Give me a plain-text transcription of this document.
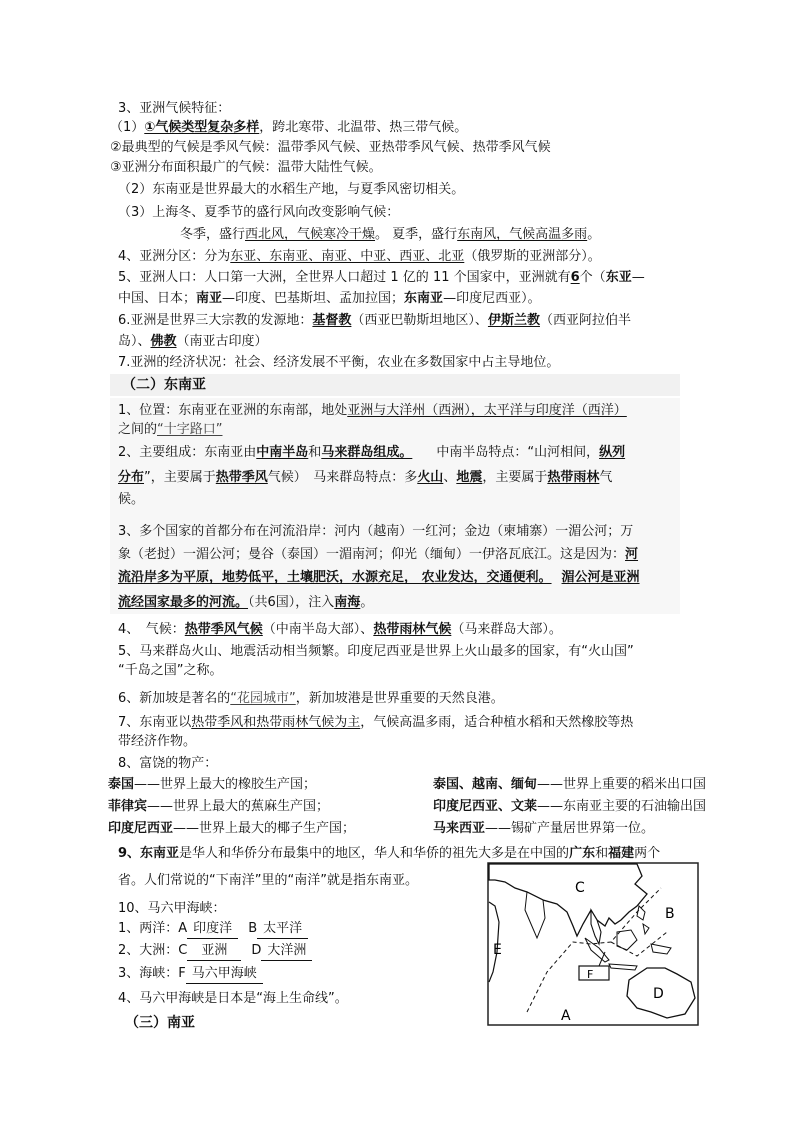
3、亚洲气候特征：
（1）①气候类型复杂多样，跨北寒带、北温带、热三带气候。
②最典型的气候是季风气候：温带季风气候、亚热带季风气候、热带季风气候
③亚洲分布面积最广的气候：温带大陆性气候。
（2）东南亚是世界最大的水稻生产地，与夏季风密切相关。
（3）上海冬、夏季节的盛行风向改变影响气候：
冬季，盛行西北风，气候寒冷干燥。 夏季，盛行东南风，气候高温多雨。
4、亚洲分区：分为东亚、东南亚、南亚、中亚、西亚、北亚（俄罗斯的亚洲部分）。
5、亚洲人口：人口第一大洲，全世界人口超过 1 亿的 11 个国家中，亚洲就有6个（东亚—
中国、日本；南亚—印度、巴基斯坦、孟加拉国；东南亚—印度尼西亚）。
6.亚洲是世界三大宗教的发源地：基督教（西亚巴勒斯坦地区）、伊斯兰教（西亚阿拉伯半
岛）、佛教（南亚古印度）
7.亚洲的经济状况：社会、经济发展不平衡，农业在多数国家中占主导地位。
（二）东南亚
1、位置：东南亚在亚洲的东南部，地处亚洲与大洋州（西洲），太平洋与印度洋（西洋）
之间的“十字路口”
2、主要组成：东南亚由中南半岛和马来群岛组成。 中南半岛特点：“山河相间，纵列
分布”，主要属于热带季风气候）　马来群岛特点：多火山、地震，主要属于热带雨林气
候。
3、多个国家的首都分布在河流沿岸：河内（越南）一红河；金边（柬埔寨）一湄公河；万
象（老挝）一湄公河；曼谷（泰国）一湄南河；仰光（缅甸）一伊洛瓦底江。这是因为：河
流沿岸多为平原，地势低平，土壤肥沃，水源充足， 农业发达，交通便利。 湄公河是亚洲
流经国家最多的河流。（共6国），注入南海。
4、　气候：热带季风气候（中南半岛大部）、热带雨林气候（马来群岛大部）。
5、马来群岛火山、地震活动相当频繁。印度尼西亚是世界上火山最多的国家，有“火山国”
“千岛之国”之称。
6、新加坡是著名的“花园城市”，新加坡港是世界重要的天然良港。
7、东南亚以热带季风和热带雨林气候为主，气候高温多雨，适合种植水稻和天然橡胶等热
带经济作物。
8、富饶的物产：
泰国——世界上最大的橡胶生产国；
菲律宾——世界上最大的蕉麻生产国；
印度尼西亚——世界上最大的椰子生产国；
泰国、越南、缅甸——世界上重要的稻米出口国
印度尼西亚、文莱——东南亚主要的石油输出国
马来西亚——锡矿产量居世界第一位。
9、东南亚是华人和华侨分布最集中的地区，华人和华侨的祖先大多是在中国的广东和福建两个
省。人们常说的“下南洋”里的“南洋”就是指东南亚。
10、马六甲海峡：
1、两洋：A 印度洋 B 太平洋
2、大洲：C 亚洲 D 大洋洲
3、海峡：F 马六甲海峡
4、马六甲海峡是日本是“海上生命线”。
（三）南亚
C
B
E
F
D
A
